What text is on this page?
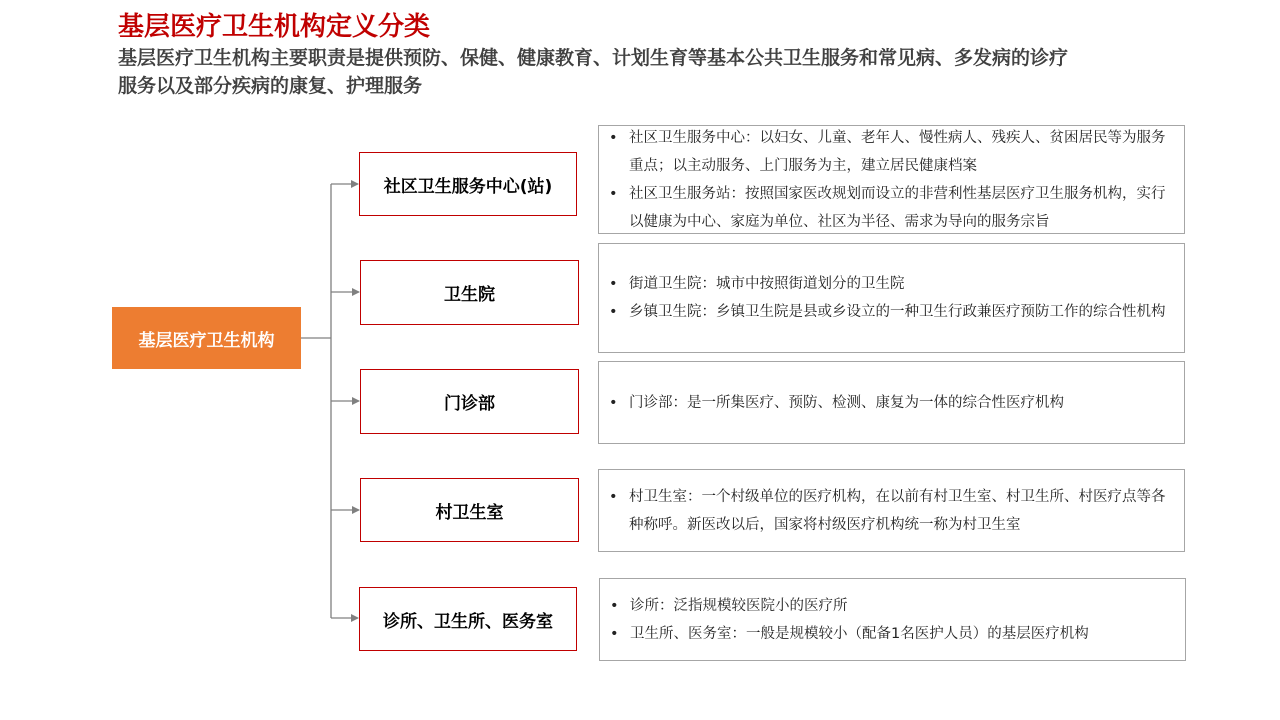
基层医疗卫生机构定义分类

基层医疗卫生机构主要职责是提供预防、保健、健康教育、计划生育等基本公共卫生服务和常见病、多发病的诊疗服务以及部分疾病的康复、护理服务

基层医疗卫生机构
社区卫生服务中心(站)
• 社区卫生服务中心：以妇女、儿童、老年人、慢性病人、残疾人、贫困居民等为服务重点；以主动服务、上门服务为主，建立居民健康档案
• 社区卫生服务站：按照国家医改规划而设立的非营利性基层医疗卫生服务机构，实行以健康为中心、家庭为单位、社区为半径、需求为导向的服务宗旨
卫生院
• 街道卫生院：城市中按照街道划分的卫生院
• 乡镇卫生院：乡镇卫生院是县或乡设立的一种卫生行政兼医疗预防工作的综合性机构
门诊部
•	门诊部：是一所集医疗、预防、检测、康复为一体的综合性医疗机构
村卫生室
• 村卫生室：一个村级单位的医疗机构，在以前有村卫生室、村卫生所、村医疗点等各种称呼。新医改以后，国家将村级医疗机构统一称为村卫生室
诊所、卫生所、医务室
• 诊所：泛指规模较医院小的医疗所
• 卫生所、医务室：一般是规模较小（配备1名医护人员）的基层医疗机构
